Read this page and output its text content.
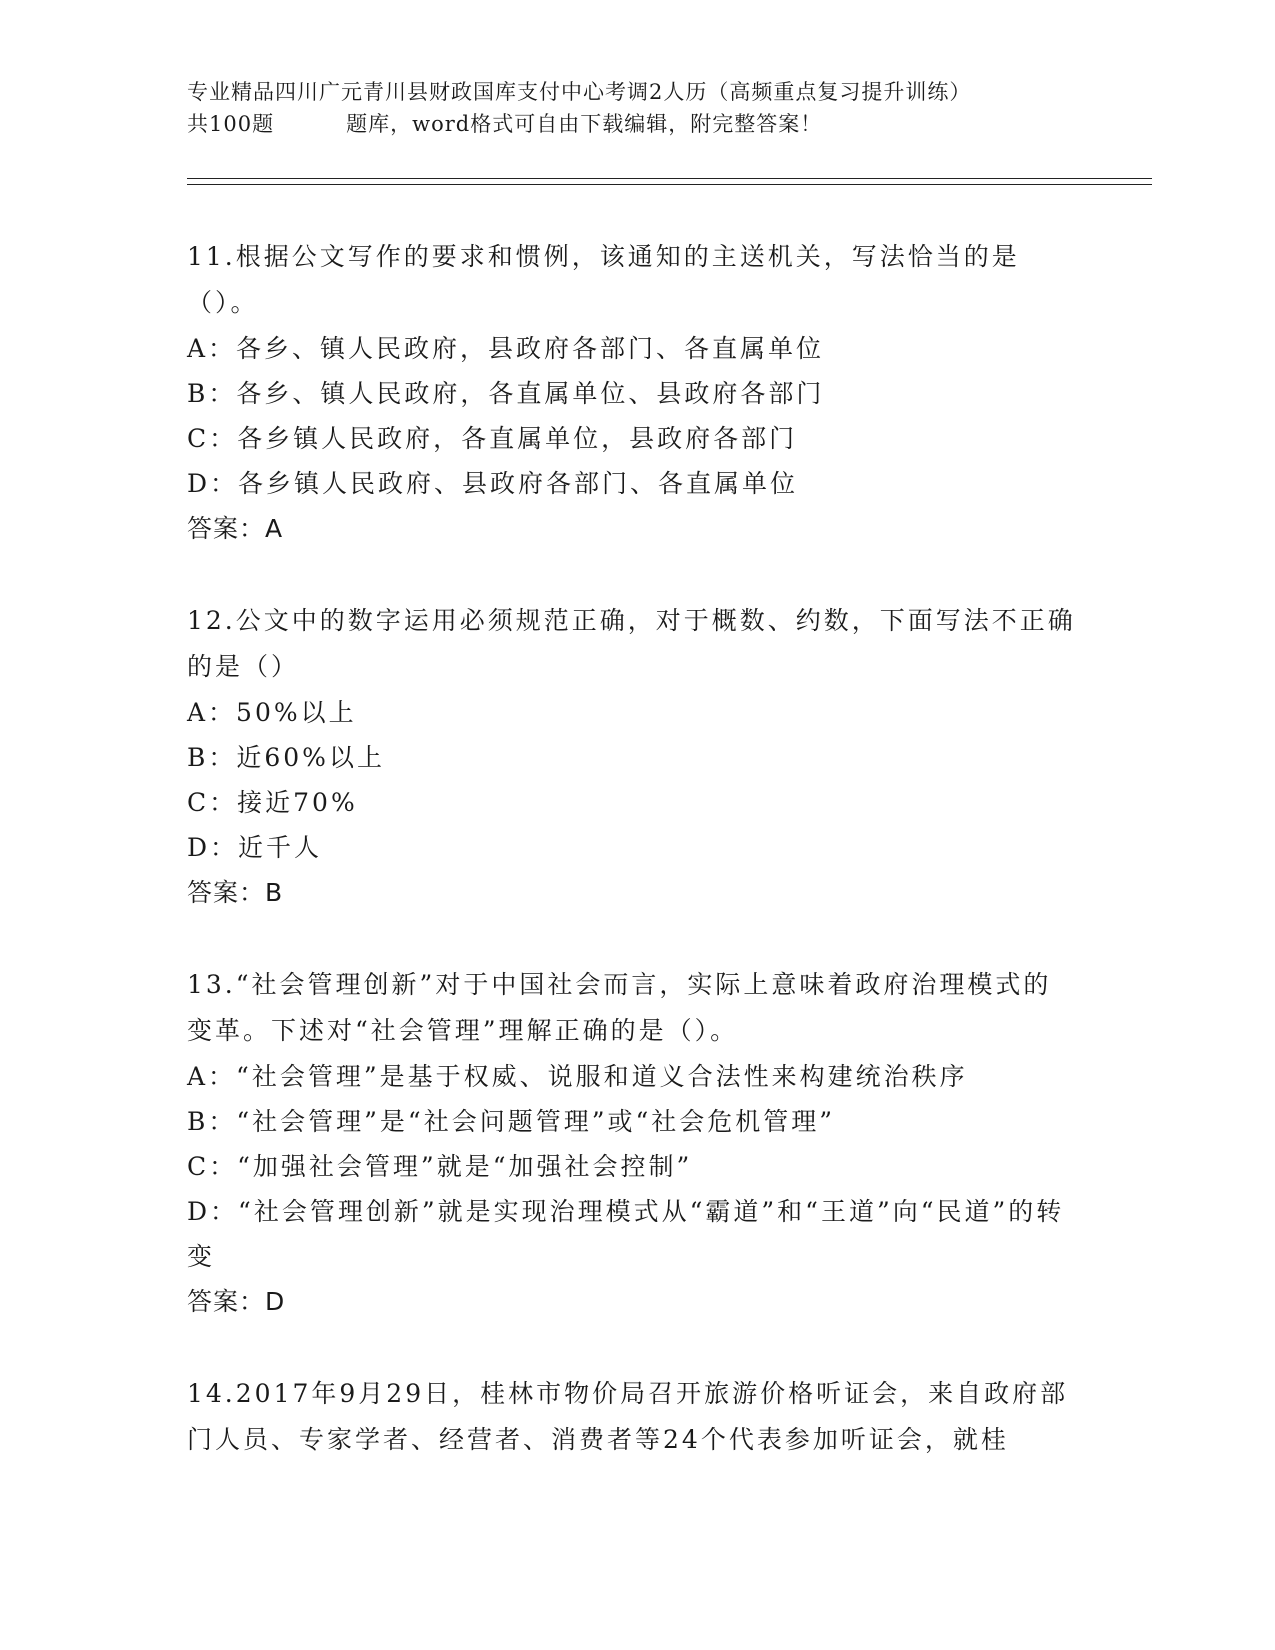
专业精品四川广元青川县财政国库支付中心考调2人历（高频重点复习提升训练）
共100题	题库，word格式可自由下载编辑，附完整答案！
11.根据公文写作的要求和惯例，该通知的主送机关，写法恰当的是（）。
A：各乡、镇人民政府，县政府各部门、各直属单位
B：各乡、镇人民政府，各直属单位、县政府各部门
C：各乡镇人民政府，各直属单位，县政府各部门
D：各乡镇人民政府、县政府各部门、各直属单位
答案：A
12.公文中的数字运用必须规范正确，对于概数、约数，下面写法不正确的是（）
A：50%以上
B：近60%以上
C：接近70%
D：近千人
答案：B
13.“社会管理创新”对于中国社会而言，实际上意味着政府治理模式的变革。下述对“社会管理”理解正确的是（）。
A：“社会管理”是基于权威、说服和道义合法性来构建统治秩序
B：“社会管理”是“社会问题管理”或“社会危机管理”
C：“加强社会管理”就是“加强社会控制”
D：“社会管理创新”就是实现治理模式从“霸道”和“王道”向“民道”的转变
答案：D
14.2017年9月29日，桂林市物价局召开旅游价格听证会，来自政府部门人员、专家学者、经营者、消费者等24个代表参加听证会，就桂
